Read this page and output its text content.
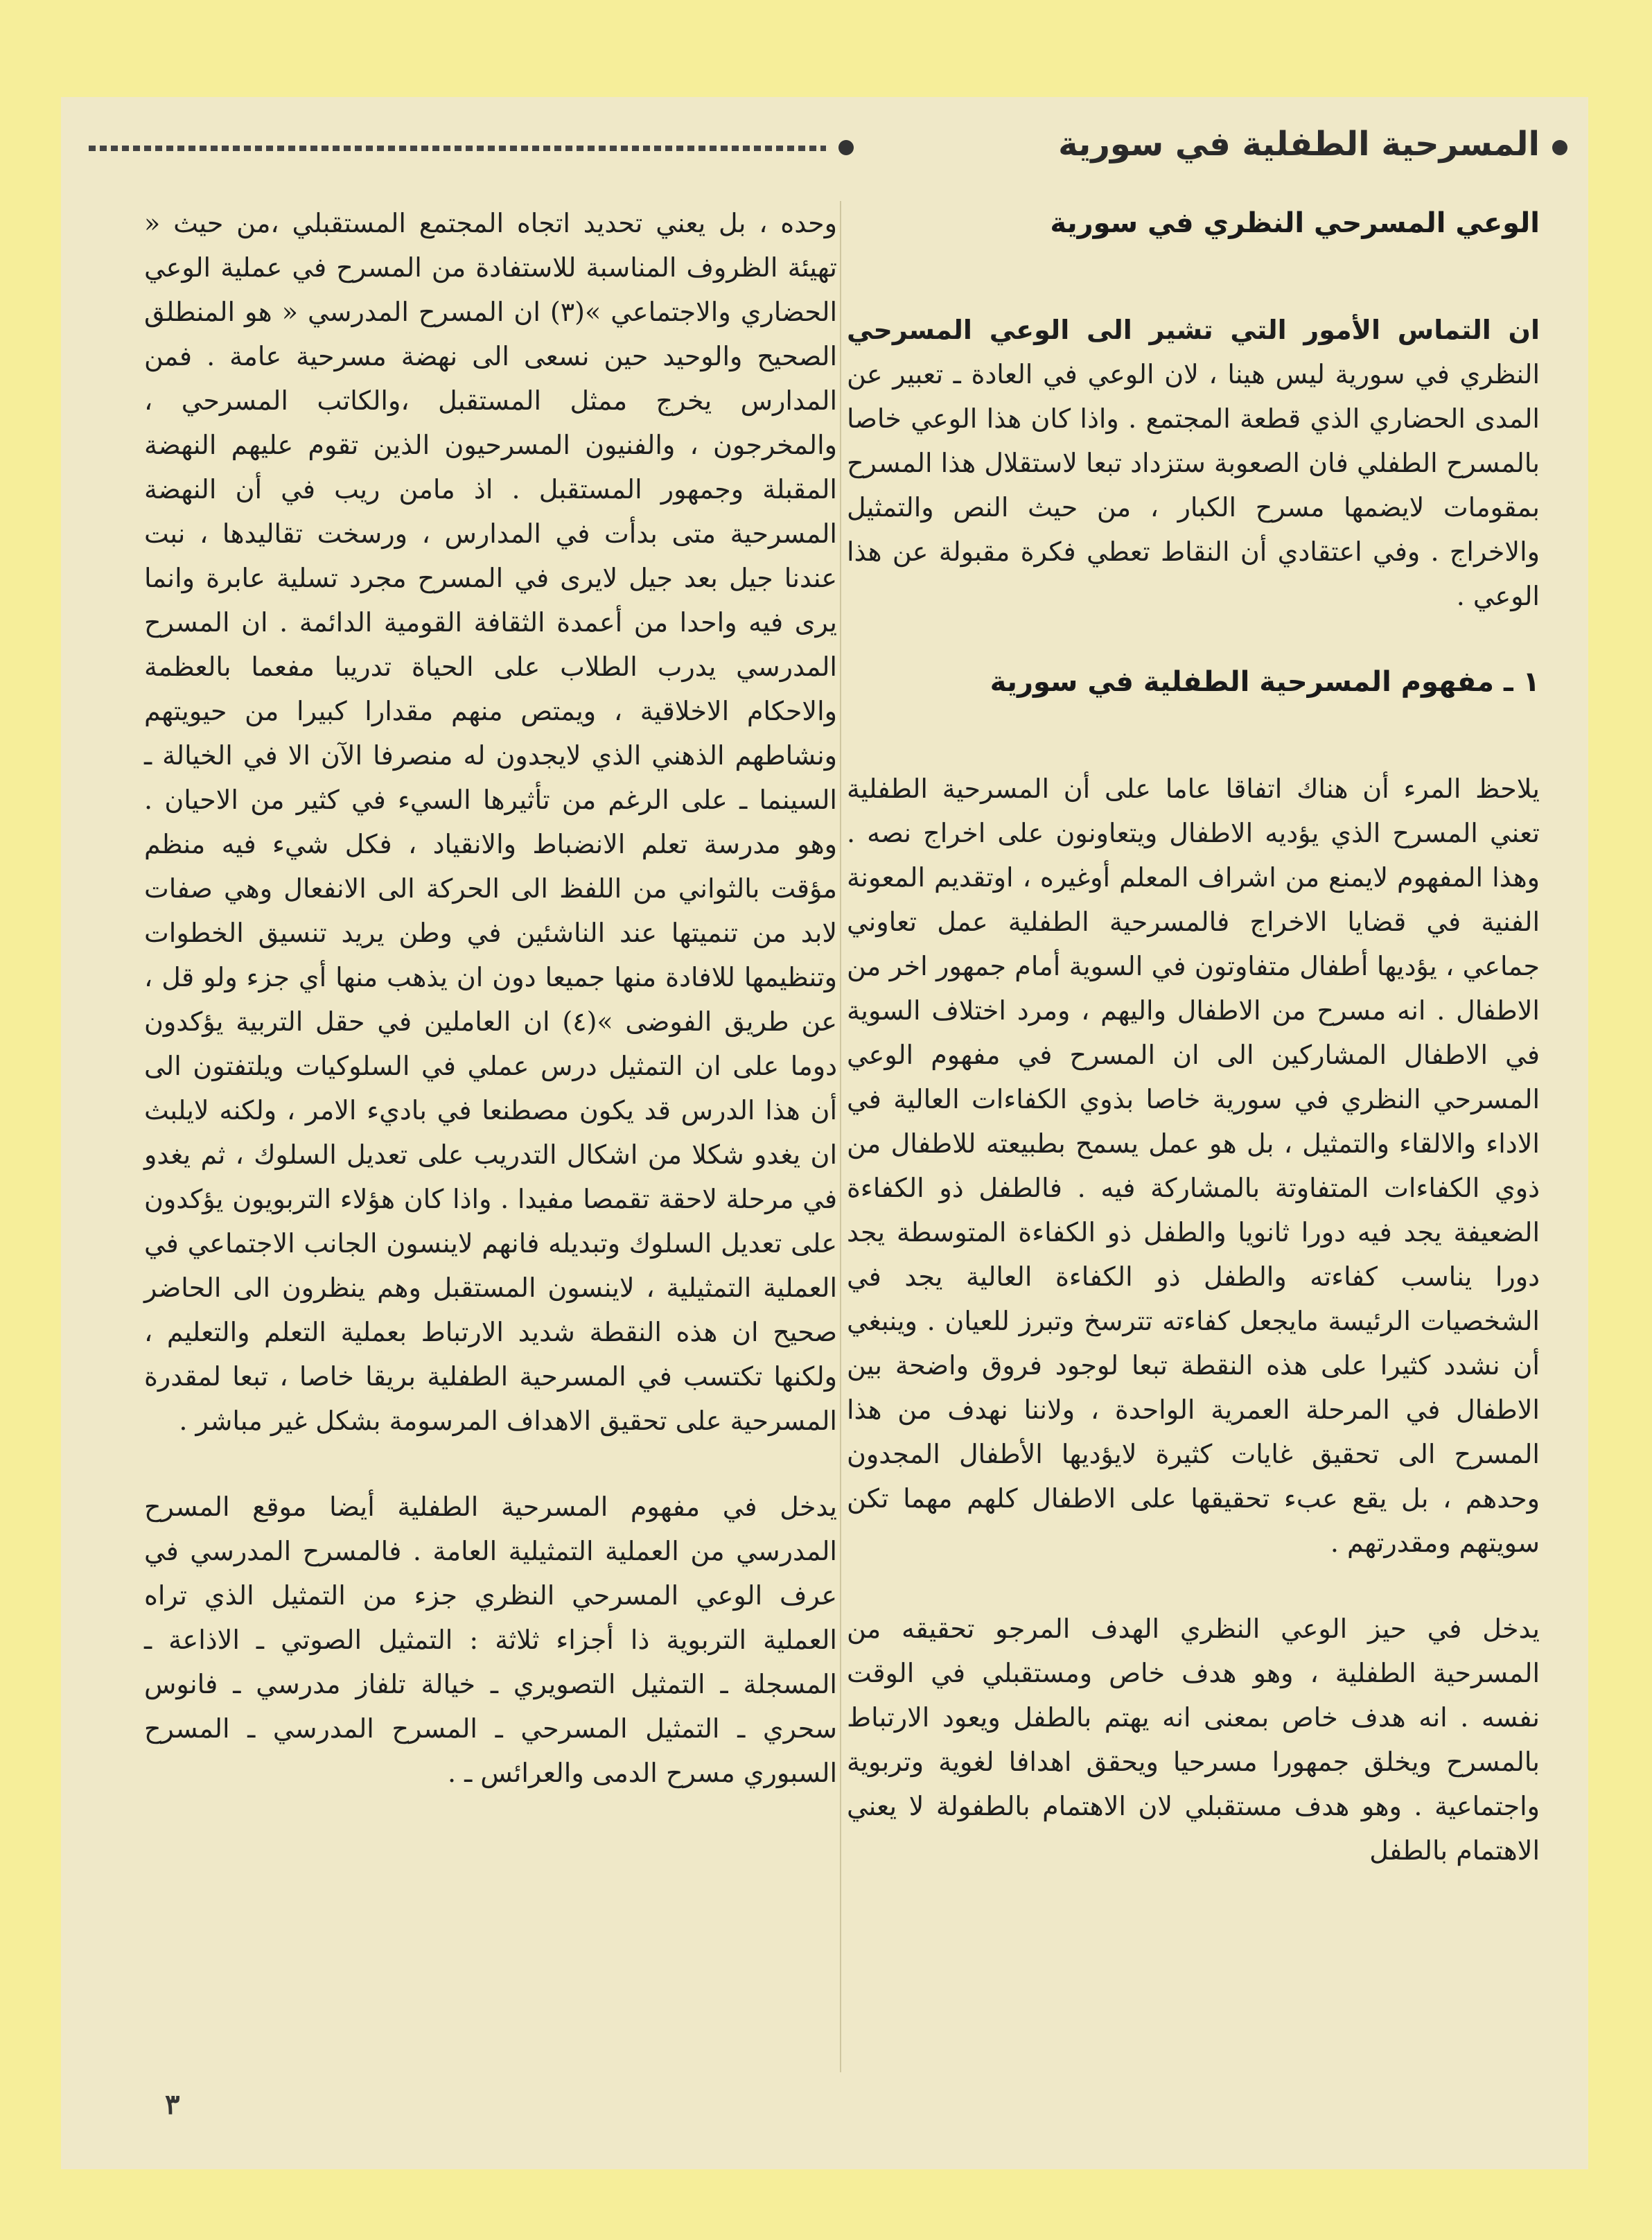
المسرحية الطفلية في سورية
الوعي المسرحي النظري في سورية

ان التماس الأمور التي تشير الى الوعي المسرحي النظري في سورية ليس هينا ، لان الوعي في العادة ـ تعبير عن المدى الحضاري الذي قطعة المجتمع . واذا كان هذا الوعي خاصا بالمسرح الطفلي فان الصعوبة ستزداد تبعا لاستقلال هذا المسرح بمقومات لايضمها مسرح الكبار ، من حيث النص والتمثيل والاخراج . وفي اعتقادي أن النقاط تعطي فكرة مقبولة عن هذا الوعي .

١ ـ مفهوم المسرحية الطفلية في سورية

يلاحظ المرء أن هناك اتفاقا عاما على أن المسرحية الطفلية تعني المسرح الذي يؤديه الاطفال ويتعاونون على اخراج نصه . وهذا المفهوم لايمنع من اشراف المعلم أوغيره ، اوتقديم المعونة الفنية في قضايا الاخراج فالمسرحية الطفلية عمل تعاوني جماعي ، يؤديها أطفال متفاوتون في السوية أمام جمهور اخر من الاطفال . انه مسرح من الاطفال واليهم ، ومرد اختلاف السوية في الاطفال المشاركين الى ان المسرح في مفهوم الوعي المسرحي النظري في سورية خاصا بذوي الكفاءات العالية في الاداء والالقاء والتمثيل ، بل هو عمل يسمح بطبيعته للاطفال من ذوي الكفاءات المتفاوتة بالمشاركة فيه . فالطفل ذو الكفاءة الضعيفة يجد فيه دورا ثانويا والطفل ذو الكفاءة المتوسطة يجد دورا يناسب كفاءته والطفل ذو الكفاءة العالية يجد في الشخصيات الرئيسة مايجعل كفاءته تترسخ وتبرز للعيان . وينبغي أن نشدد كثيرا على هذه النقطة تبعا لوجود فروق واضحة بين الاطفال في المرحلة العمرية الواحدة ، ولاننا نهدف من هذا المسرح الى تحقيق غايات كثيرة لايؤديها الأطفال المجدون وحدهم ، بل يقع عبء تحقيقها على الاطفال كلهم مهما تكن سويتهم ومقدرتهم .

يدخل في حيز الوعي النظري الهدف المرجو تحقيقه من المسرحية الطفلية ، وهو هدف خاص ومستقبلي في الوقت نفسه . انه هدف خاص بمعنى انه يهتم بالطفل ويعود الارتباط بالمسرح ويخلق جمهورا مسرحيا ويحقق اهدافا لغوية وتربوية واجتماعية . وهو هدف مستقبلي لان الاهتمام بالطفولة لا يعني الاهتمام بالطفل

وحده ، بل يعني تحديد اتجاه المجتمع المستقبلي ،من حيث « تهيئة الظروف المناسبة للاستفادة من المسرح في عملية الوعي الحضاري والاجتماعي »(٣) ان المسرح المدرسي « هو المنطلق الصحيح والوحيد حين نسعى الى نهضة مسرحية عامة . فمن المدارس يخرج ممثل المستقبل ،والكاتب المسرحي ، والمخرجون ، والفنيون المسرحيون الذين تقوم عليهم النهضة المقبلة وجمهور المستقبل . اذ مامن ريب في أن النهضة المسرحية متى بدأت في المدارس ، ورسخت تقاليدها ، نبت عندنا جيل بعد جيل لايرى في المسرح مجرد تسلية عابرة وانما يرى فيه واحدا من أعمدة الثقافة القومية الدائمة . ان المسرح المدرسي يدرب الطلاب على الحياة تدريبا مفعما بالعظمة والاحكام الاخلاقية ، ويمتص منهم مقدارا كبيرا من حيويتهم ونشاطهم الذهني الذي لايجدون له منصرفا الآن الا في الخيالة ـ السينما ـ على الرغم من تأثيرها السيء في كثير من الاحيان . وهو مدرسة تعلم الانضباط والانقياد ، فكل شيء فيه منظم مؤقت بالثواني من اللفظ الى الحركة الى الانفعال وهي صفات لابد من تنميتها عند الناشئين في وطن يريد تنسيق الخطوات وتنظيمها للافادة منها جميعا دون ان يذهب منها أي جزء ولو قل ، عن طريق الفوضى »(٤) ان العاملين في حقل التربية يؤكدون دوما على ان التمثيل درس عملي في السلوكيات ويلتفتون الى أن هذا الدرس قد يكون مصطنعا في باديء الامر ، ولكنه لايلبث ان يغدو شكلا من اشكال التدريب على تعديل السلوك ، ثم يغدو في مرحلة لاحقة تقمصا مفيدا . واذا كان هؤلاء التربويون يؤكدون على تعديل السلوك وتبديله فانهم لاينسون الجانب الاجتماعي في العملية التمثيلية ، لاينسون المستقبل وهم ينظرون الى الحاضر صحيح ان هذه النقطة شديد الارتباط بعملية التعلم والتعليم ، ولكنها تكتسب في المسرحية الطفلية بريقا خاصا ، تبعا لمقدرة المسرحية على تحقيق الاهداف المرسومة بشكل غير مباشر .

يدخل في مفهوم المسرحية الطفلية أيضا موقع المسرح المدرسي من العملية التمثيلية العامة . فالمسرح المدرسي في عرف الوعي المسرحي النظري جزء من التمثيل الذي تراه العملية التربوية ذا أجزاء ثلاثة : التمثيل الصوتي ـ الاذاعة ـ المسجلة ـ التمثيل التصويري ـ خيالة تلفاز مدرسي ـ فانوس سحري ـ التمثيل المسرحي ـ المسرح المدرسي ـ المسرح السبوري مسرح الدمى والعرائس ـ .

٣
